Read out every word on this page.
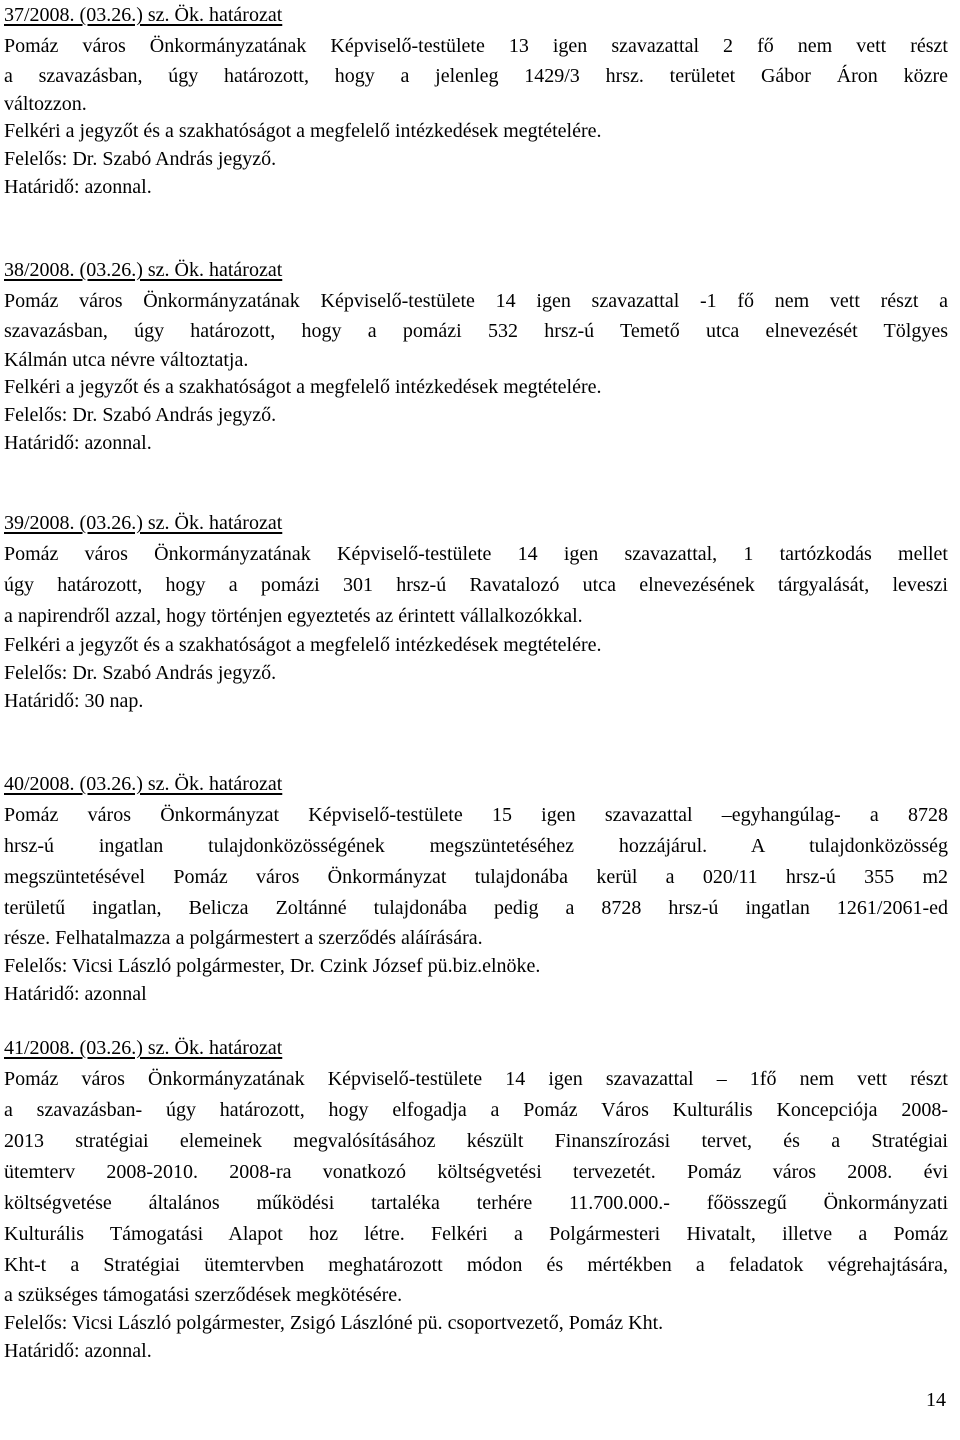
37/2008. (03.26.) sz. Ök. határozat
Pomáz város Önkormányzatának Képviselő-testülete 13 igen szavazattal 2 fő nem vett részt
a szavazásban, úgy határozott, hogy a jelenleg 1429/3 hrsz. területet Gábor Áron közre
változzon.
Felkéri a jegyzőt és a szakhatóságot a megfelelő intézkedések megtételére.
Felelős: Dr. Szabó András jegyző.
Határidő: azonnal.
38/2008. (03.26.) sz. Ök. határozat
Pomáz város Önkormányzatának Képviselő-testülete 14 igen szavazattal -1 fő nem vett részt a
szavazásban, úgy határozott, hogy a pomázi 532 hrsz-ú Temető utca elnevezését Tölgyes
Kálmán utca névre változtatja.
Felkéri a jegyzőt és a szakhatóságot a megfelelő intézkedések megtételére.
Felelős: Dr. Szabó András jegyző.
Határidő: azonnal.
39/2008. (03.26.) sz. Ök. határozat
Pomáz város Önkormányzatának Képviselő-testülete 14 igen szavazattal, 1 tartózkodás mellet
úgy határozott, hogy a pomázi 301 hrsz-ú Ravatalozó utca elnevezésének tárgyalását, leveszi
a napirendről azzal, hogy történjen egyeztetés az érintett vállalkozókkal.
Felkéri a jegyzőt és a szakhatóságot a megfelelő intézkedések megtételére.
Felelős: Dr. Szabó András jegyző.
Határidő: 30 nap.
40/2008. (03.26.) sz. Ök. határozat
Pomáz város Önkormányzat Képviselő-testülete 15 igen szavazattal –egyhangúlag- a 8728
hrsz-ú ingatlan tulajdonközösségének megszüntetéséhez hozzájárul. A tulajdonközösség
megszüntetésével Pomáz város Önkormányzat tulajdonába kerül a 020/11 hrsz-ú 355 m2
területű ingatlan, Belicza Zoltánné tulajdonába pedig a 8728 hrsz-ú ingatlan 1261/2061-ed
része. Felhatalmazza a polgármestert a szerződés aláírására.
Felelős: Vicsi László polgármester, Dr. Czink József pü.biz.elnöke.
Határidő: azonnal
41/2008. (03.26.) sz. Ök. határozat
Pomáz város Önkormányzatának Képviselő-testülete 14 igen szavazattal – 1fő nem vett részt
a szavazásban- úgy határozott, hogy elfogadja a Pomáz Város Kulturális Koncepciója 2008-
2013 stratégiai elemeinek megvalósításához készült Finanszírozási tervet, és a Stratégiai
ütemterv 2008-2010. 2008-ra vonatkozó költségvetési tervezetét. Pomáz város 2008. évi
költségvetése általános működési tartaléka terhére 11.700.000.- főösszegű Önkormányzati
Kulturális Támogatási Alapot hoz létre. Felkéri a Polgármesteri Hivatalt, illetve a Pomáz
Kht-t a Stratégiai ütemtervben meghatározott módon és mértékben a feladatok végrehajtására,
a szükséges támogatási szerződések megkötésére.
Felelős: Vicsi László polgármester, Zsigó Lászlóné pü. csoportvezető, Pomáz Kht.
Határidő: azonnal.
14
